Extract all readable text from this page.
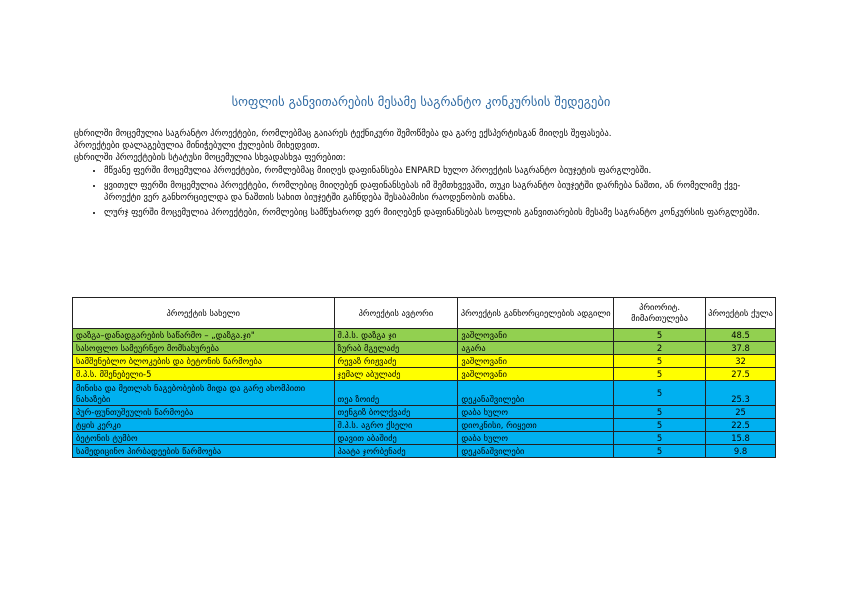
სოფლის განვითარების მესამე საგრანტო კონკურსის შედეგები

ცხრილში მოცემულია საგრანტო პროექტები, რომლებმაც გაიარეს ტექნიკური შემოწმება და გარე ექსპერტისგან მიიღეს შეფასება.

პროექტები დალაგებულია მინიჭებული ქულების მიხედვით.

ცხრილში პროექტების სტატუსი მოცემულია სხვადასხვა ფერებით:

• მწვანე ფერში მოცემულია პროექტები, რომლებმაც მიიღეს დაფინანსება ENPARD ხულო პროექტის საგრანტო ბიუჯეტის ფარგლებში.
• ყვითელ ფერში მოცემულია პროექტები, რომლებიც მიიღებენ დაფინანსებას იმ შემთხვევაში, თუკი საგრანტო ბიუჯეტში დარჩება ნაშთი, ან რომელიმე ქვე-პროექტი ვერ განხორციელდა და ნაშთის სახით ბიუჯეტში გაჩნდება შესაბამისი რაოდენობის თანხა.
• ლურჯ ფერში მოცემულია პროექტები, რომლებიც სამწუხაროდ ვერ მიიღებენ დაფინანსებას სოფლის განვითარების მესამე საგრანტო კონკურსის ფარგლებში.
პროექტის სახელი	პროექტის ავტორი	პროექტის განხორციელების ადგილი	პრიორიტ. მიმართულება	პროექტის ქულა
დაზგა–დანადგარების საწარმო – „დაზგა.ჯი"	შ.პ.ს. დაზგა ჯი	ვაშლოვანი	5	48.5
სასოფლო სამეურნეო მომსახურება	ზურაბ მგელაძე	აგარა	2	37.8
სამშენებლო ბლოკების და ბეტონის წარმოება	რევაზ რიჟვაძე	ვაშლოვანი	5	32
შ.პ.ს. მშენებელი-5	ჯემალ აბულაძე	ვაშლოვანი	5	27.5
მინისა და მეთლახ ნაგებობების მიდა და გარე ახომპითი ნახაზები	თეა ზოიძე	დეკანაშვილები	5	25.3
პურ-ფუნთუშეულის წარმოება	თენგიზ ბოლქვაძე	დაბა ხულო	5	25
ტყის კერკი	შ.პ.ს. აგრო ქსელი	დიოკნისი, რიყეთი	5	22.5
ბეტონის ტუმბო	დავით აბაშიძე	დაბა ხულო	5	15.8
სამედიცინო პირბადეების წარმოება	პაატა ჯორბენაძე	დეკანაშვილები	5	9.8
